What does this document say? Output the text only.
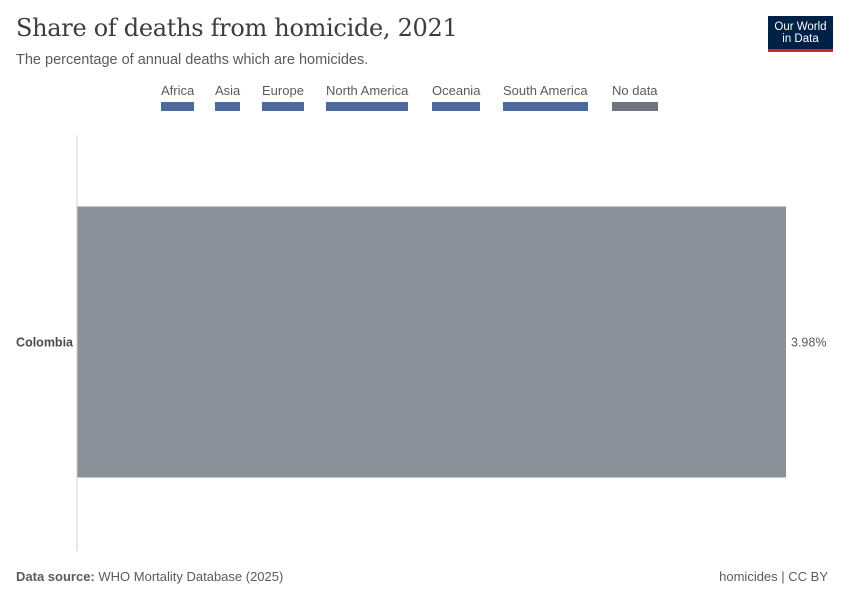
Share of deaths from homicide, 2021

The percentage of annual deaths which are homicides.

Our World
in Data
Africa Asia Europe North America Oceania South America No data
Colombia	3.98%
Data source: WHO Mortality Database (2025)	homicides | CC BY
